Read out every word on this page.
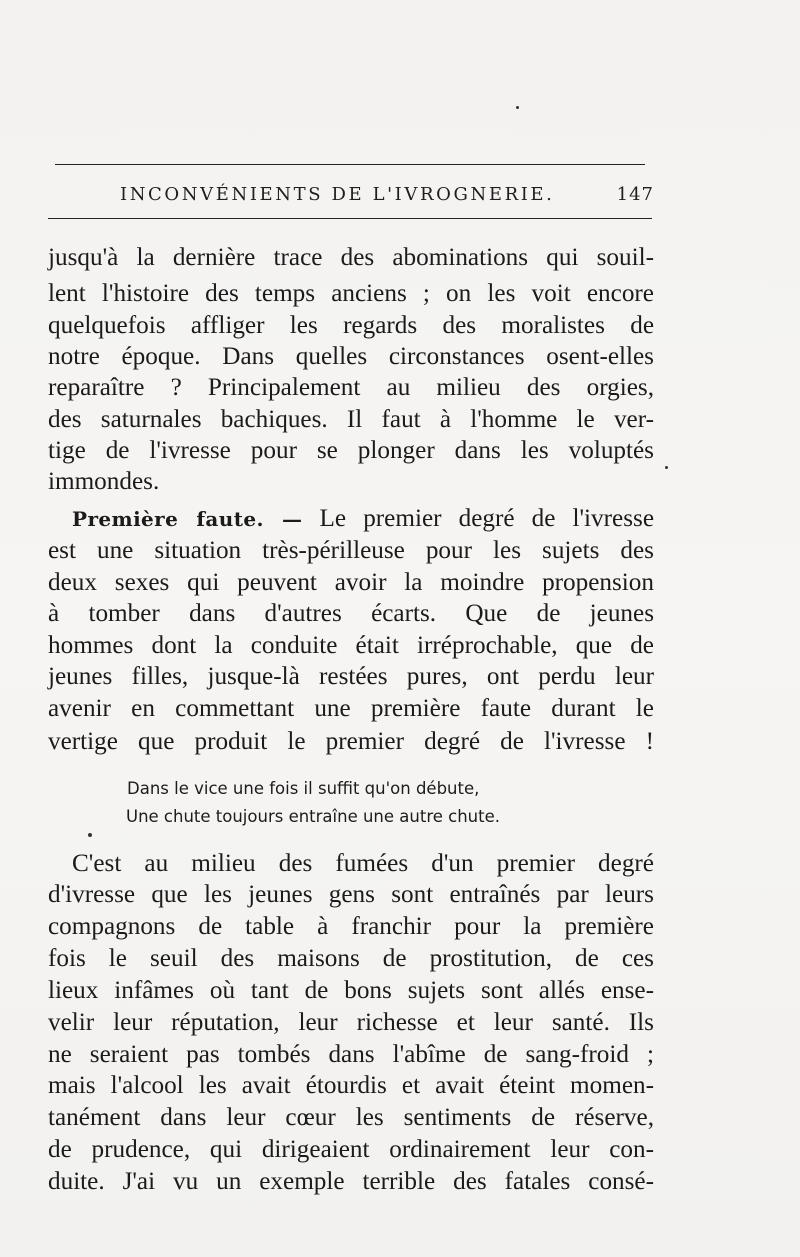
INCONVÉNIENTS DE L'IVROGNERIE.	147
jusqu'à la dernière trace des abominations qui souil-
lent l'histoire des temps anciens ; on les voit encore
quelquefois affliger les regards des moralistes de
notre époque. Dans quelles circonstances osent-elles
reparaître ? Principalement au milieu des orgies,
des saturnales bachiques. Il faut à l'homme le ver-
tige de l'ivresse pour se plonger dans les voluptés
immondes.
Première faute. — Le premier degré de l'ivresse
est une situation très-périlleuse pour les sujets des
deux sexes qui peuvent avoir la moindre propension
à tomber dans d'autres écarts. Que de jeunes
hommes dont la conduite était irréprochable, que de
jeunes filles, jusque-là restées pures, ont perdu leur
avenir en commettant une première faute durant le
vertige que produit le premier degré de l'ivresse !
Dans le vice une fois il suffit qu'on débute,
Une chute toujours entraîne une autre chute.
C'est au milieu des fumées d'un premier degré
d'ivresse que les jeunes gens sont entraînés par leurs
compagnons de table à franchir pour la première
fois le seuil des maisons de prostitution, de ces
lieux infâmes où tant de bons sujets sont allés ense-
velir leur réputation, leur richesse et leur santé. Ils
ne seraient pas tombés dans l'abîme de sang-froid ;
mais l'alcool les avait étourdis et avait éteint momen-
tanément dans leur cœur les sentiments de réserve,
de prudence, qui dirigeaient ordinairement leur con-
duite. J'ai vu un exemple terrible des fatales consé-
